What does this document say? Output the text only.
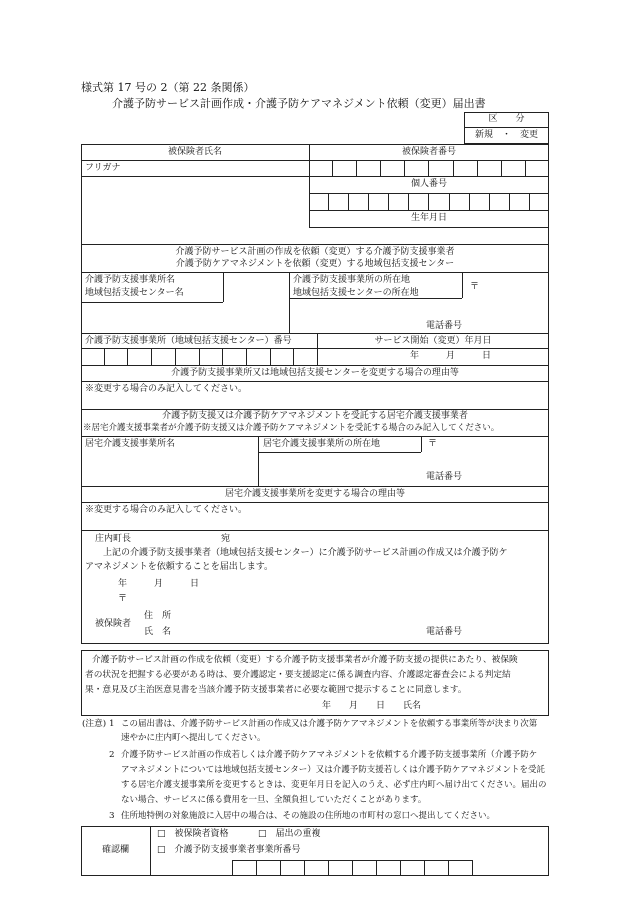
様式第 17 号の 2（第 22 条関係）
介護予防サービス計画作成・介護予防ケアマネジメント依頼（変更）届出書
区　　分
新規　・　変更
被保険者氏名	被保険者番号
フリガナ
個人番号
生年月日
介護予防サービス計画の作成を依頼（変更）する介護予防支援事業者
介護予防ケアマネジメントを依頼（変更）する地域包括支援センター
介護予防支援事業所名
地域包括支援センター名
介護予防支援事業所の所在地
地域包括支援センターの所在地
〒
電話番号
介護予防支援事業所（地域包括支援センター）番号	サービス開始（変更）年月日
年　　　月　　　日
介護予防支援事業所又は地域包括支援センターを変更する場合の理由等
※変更する場合のみ記入してください。
介護予防支援又は介護予防ケアマネジメントを受託する居宅介護支援事業者
※居宅介護支援事業者が介護予防支援又は介護予防ケアマネジメントを受託する場合のみ記入してください。
居宅介護支援事業所名	居宅介護支援事業所の所在地	〒
電話番号
居宅介護支援事業所を変更する場合の理由等
※変更する場合のみ記入してください。
庄内町長　　　　　　　　　　宛
上記の介護予防支援事業者（地域包括支援センター）に介護予防サービス計画の作成又は介護予防ケ
アマネジメントを依頼することを届出します。
年　　　月　　　日
〒
被保険者
住　所
氏　名	電話番号
介護予防サービス計画の作成を依頼（変更）する介護予防支援事業者が介護予防支援の提供にあたり、被保険
者の状況を把握する必要がある時は、要介護認定・要支援認定に係る調査内容、介護認定審査会による判定結
果・意見及び主治医意見書を当該介護予防支援事業者に必要な範囲で提示することに同意します。
年　　月　　日　　氏名
(注意) 1 この届出書は、介護予防サービス計画の作成又は介護予防ケアマネジメントを依頼する事業所等が決まり次第
速やかに庄内町へ提出してください。
2 介護予防サービス計画の作成若しくは介護予防ケアマネジメントを依頼する介護予防支援事業所（介護予防ケ
アマネジメントについては地域包括支援センター）又は介護予防支援若しくは介護予防ケアマネジメントを受託
する居宅介護支援事業所を変更するときは、変更年月日を記入のうえ、必ず庄内町へ届け出てください。届出の
ない場合、サービスに係る費用を一旦、全額負担していただくことがあります。
3 住所地特例の対象施設に入居中の場合は、その施設の住所地の市町村の窓口へ提出してください。
確認欄
□　被保険者資格	□　届出の重複
□　介護予防支援事業者事業所番号
